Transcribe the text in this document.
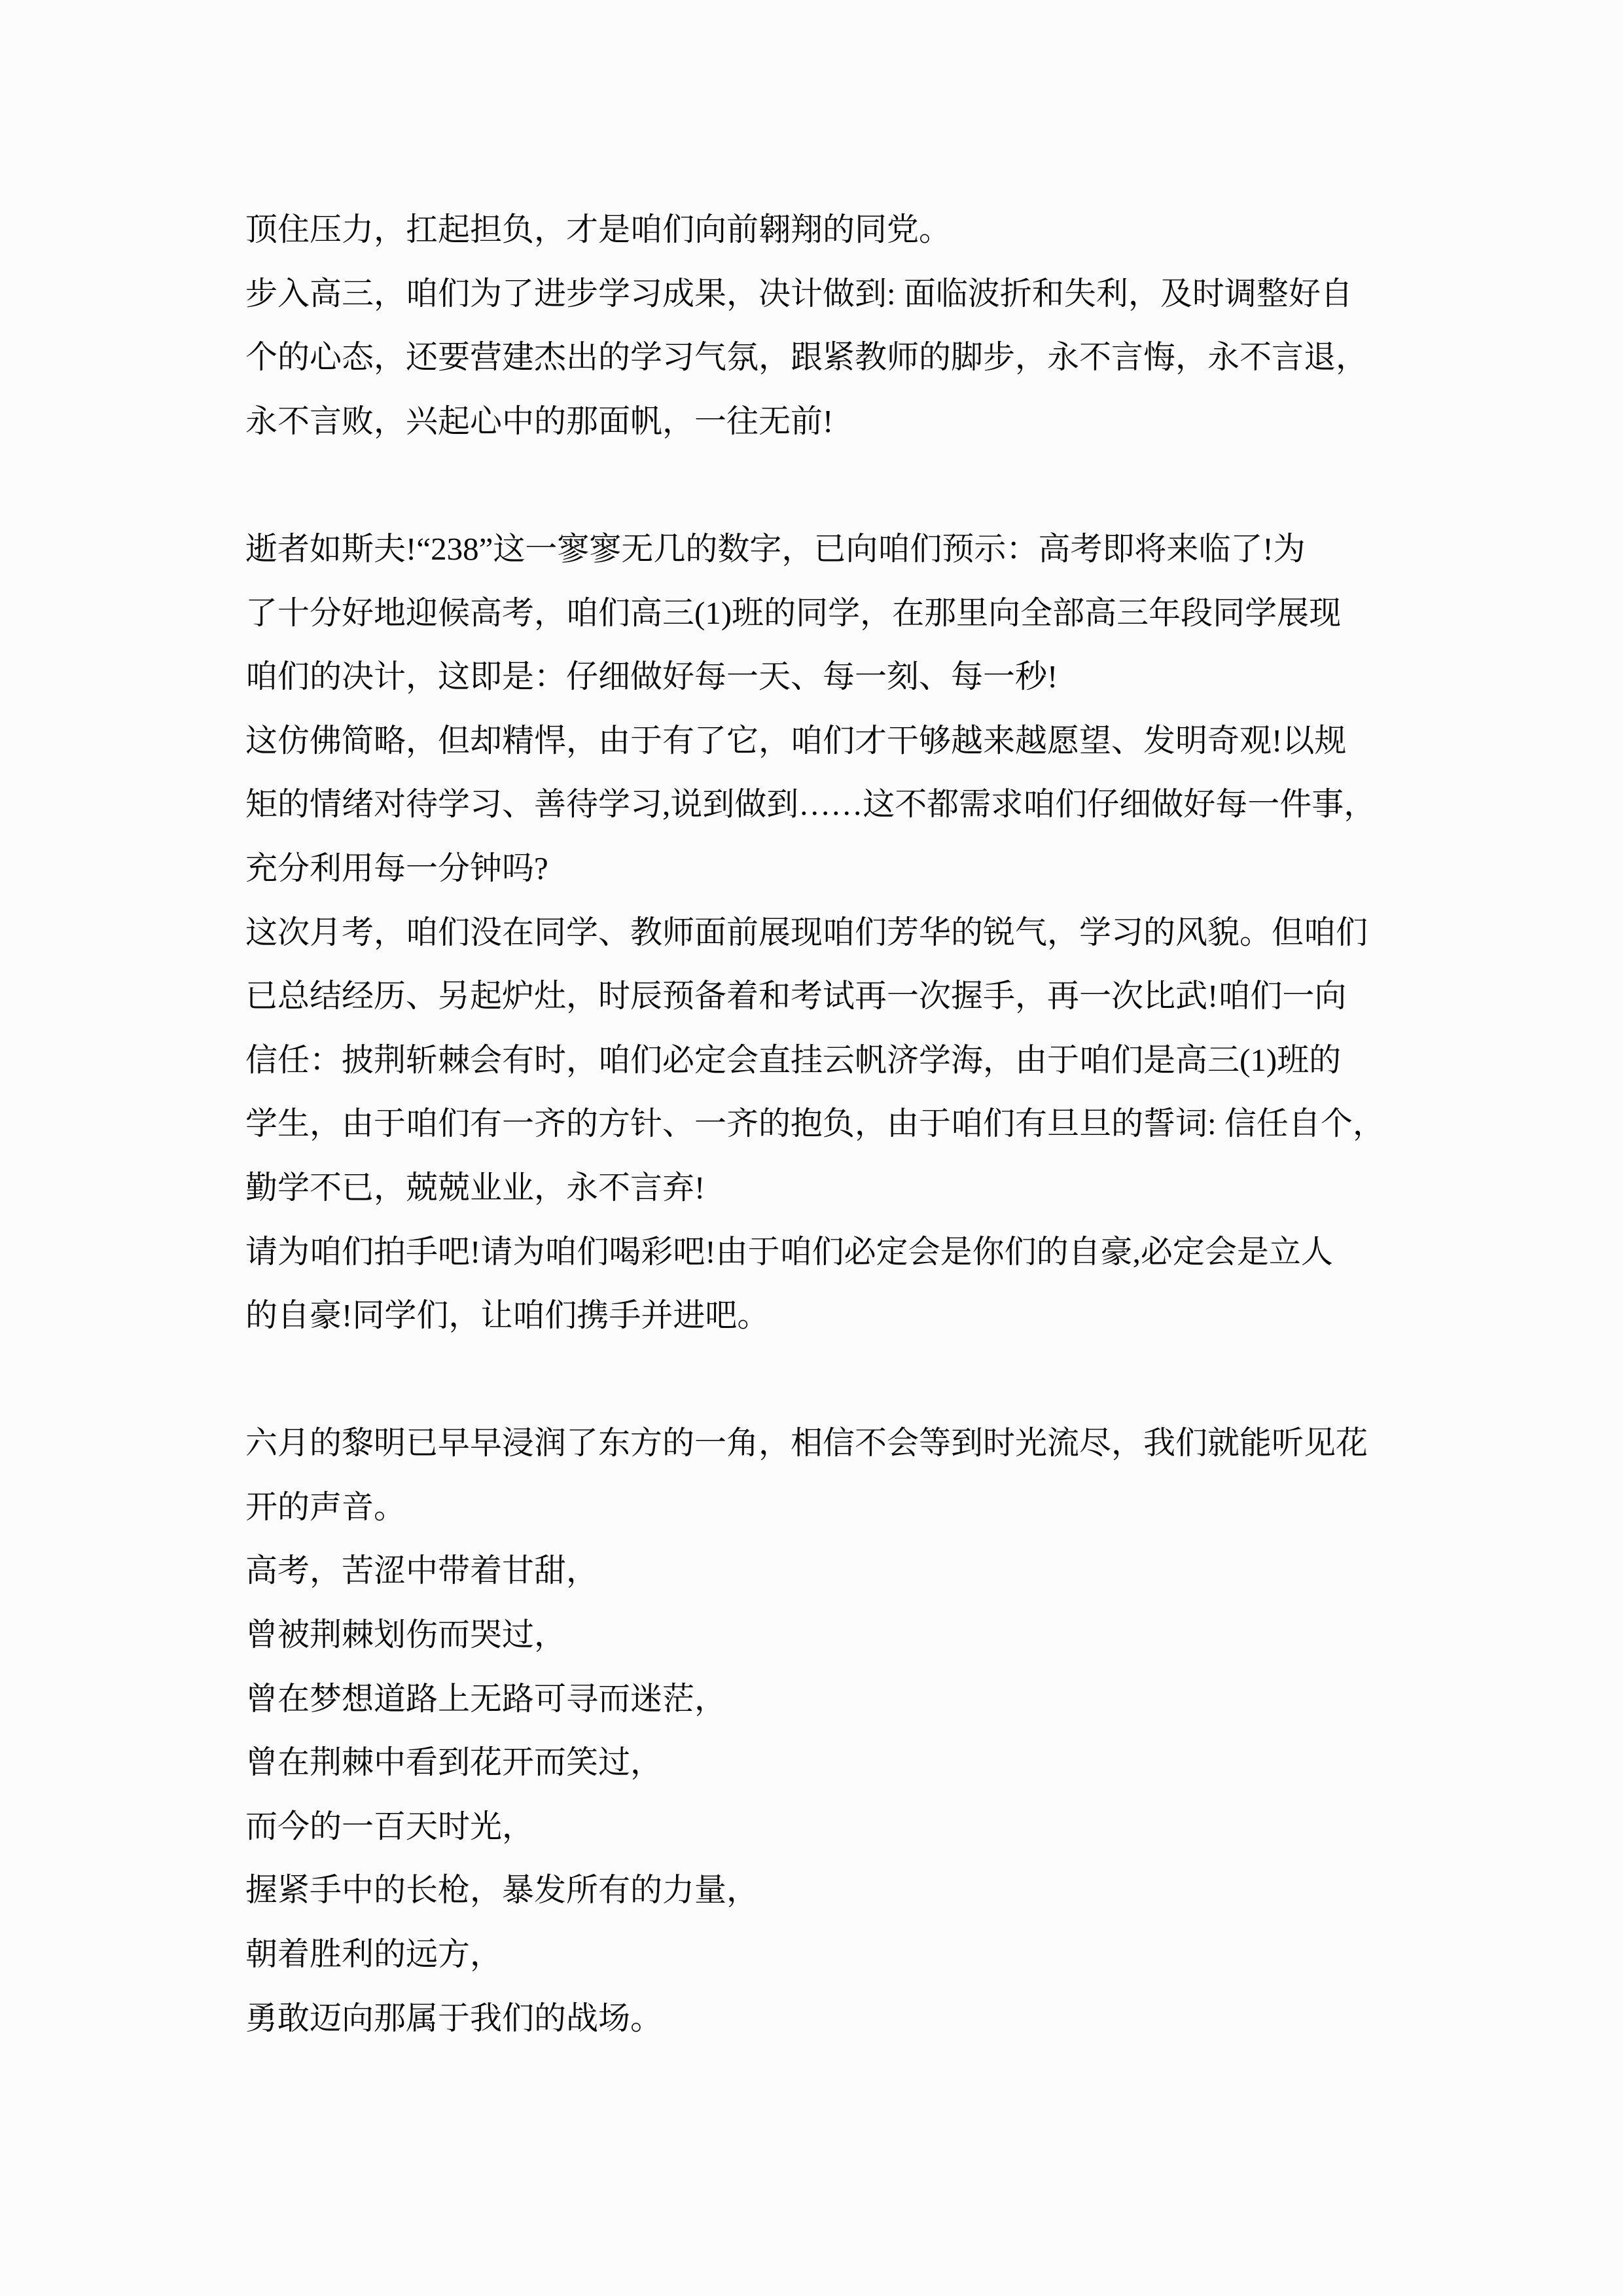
顶住压力，扛起担负，才是咱们向前翱翔的同党。
步入高三，咱们为了进步学习成果，决计做到: 面临波折和失利，及时调整好自
个的心态，还要营建杰出的学习气氛，跟紧教师的脚步，永不言悔，永不言退，
永不言败，兴起心中的那面帆，一往无前!
逝者如斯夫!“238”这一寥寥无几的数字，已向咱们预示：高考即将来临了!为
了十分好地迎候高考，咱们高三(1)班的同学，在那里向全部高三年段同学展现
咱们的决计，这即是：仔细做好每一天、每一刻、每一秒!
这仿佛简略，但却精悍，由于有了它，咱们才干够越来越愿望、发明奇观!以规
矩的情绪对待学习、善待学习,说到做到……这不都需求咱们仔细做好每一件事，
充分利用每一分钟吗?
这次月考，咱们没在同学、教师面前展现咱们芳华的锐气，学习的风貌。但咱们
已总结经历、另起炉灶，时辰预备着和考试再一次握手，再一次比武!咱们一向
信任：披荆斩棘会有时，咱们必定会直挂云帆济学海，由于咱们是高三(1)班的
学生，由于咱们有一齐的方针、一齐的抱负，由于咱们有旦旦的誓词: 信任自个，
勤学不已，兢兢业业，永不言弃!
请为咱们拍手吧!请为咱们喝彩吧!由于咱们必定会是你们的自豪,必定会是立人
的自豪!同学们，让咱们携手并进吧。
六月的黎明已早早浸润了东方的一角，相信不会等到时光流尽，我们就能听见花
开的声音。
高考，苦涩中带着甘甜，
曾被荆棘划伤而哭过，
曾在梦想道路上无路可寻而迷茫，
曾在荆棘中看到花开而笑过，
而今的一百天时光，
握紧手中的长枪，暴发所有的力量，
朝着胜利的远方，
勇敢迈向那属于我们的战场。
